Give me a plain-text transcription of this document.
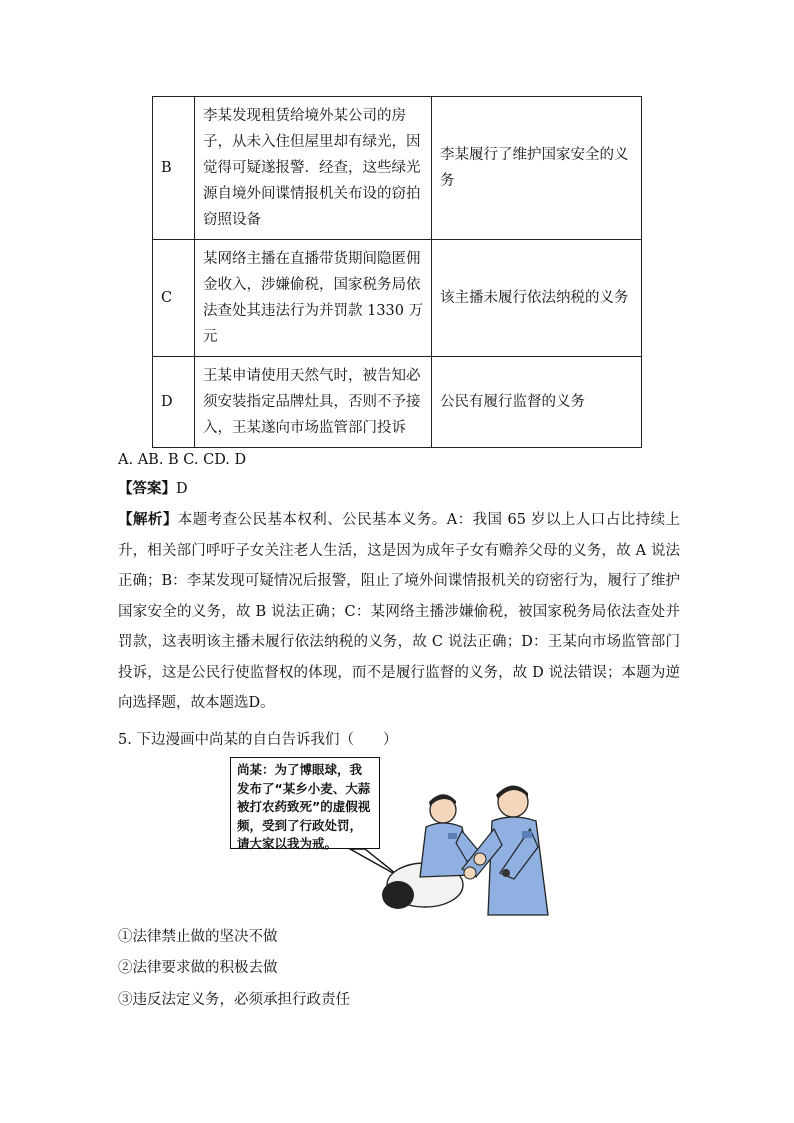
B	李某发现租赁给境外某公司的房子，从未入住但屋里却有绿光，因觉得可疑遂报警．经查，这些绿光源自境外间谍情报机关布设的窃拍窃照设备	李某履行了维护国家安全的义务
C	某网络主播在直播带货期间隐匿佣金收入，涉嫌偷税，国家税务局依法查处其违法行为并罚款 1330 万元	该主播未履行依法纳税的义务
D	王某申请使用天然气时，被告知必须安装指定品牌灶具，否则不予接入，王某遂向市场监管部门投诉	公民有履行监督的义务
A. AB. B C. CD. D
【答案】D
【解析】本题考查公民基本权利、公民基本义务。A：我国 65 岁以上人口占比持续上升，相关部门呼吁子女关注老人生活，这是因为成年子女有赡养父母的义务，故 A 说法正确；B：李某发现可疑情况后报警，阻止了境外间谍情报机关的窃密行为，履行了维护国家安全的义务，故 B 说法正确；C：某网络主播涉嫌偷税，被国家税务局依法查处并罚款，这表明该主播未履行依法纳税的义务，故 C 说法正确；D：王某向市场监管部门投诉，这是公民行使监督权的体现，而不是履行监督的义务，故 D 说法错误；本题为逆向选择题，故本题选D。
5. 下边漫画中尚某的自白告诉我们（　　）
尚某：为了博眼球，我发布了“某乡小麦、大蒜被打农药致死”的虚假视频，受到了行政处罚，请大家以我为戒。
①法律禁止做的坚决不做
②法律要求做的积极去做
③违反法定义务，必须承担行政责任
